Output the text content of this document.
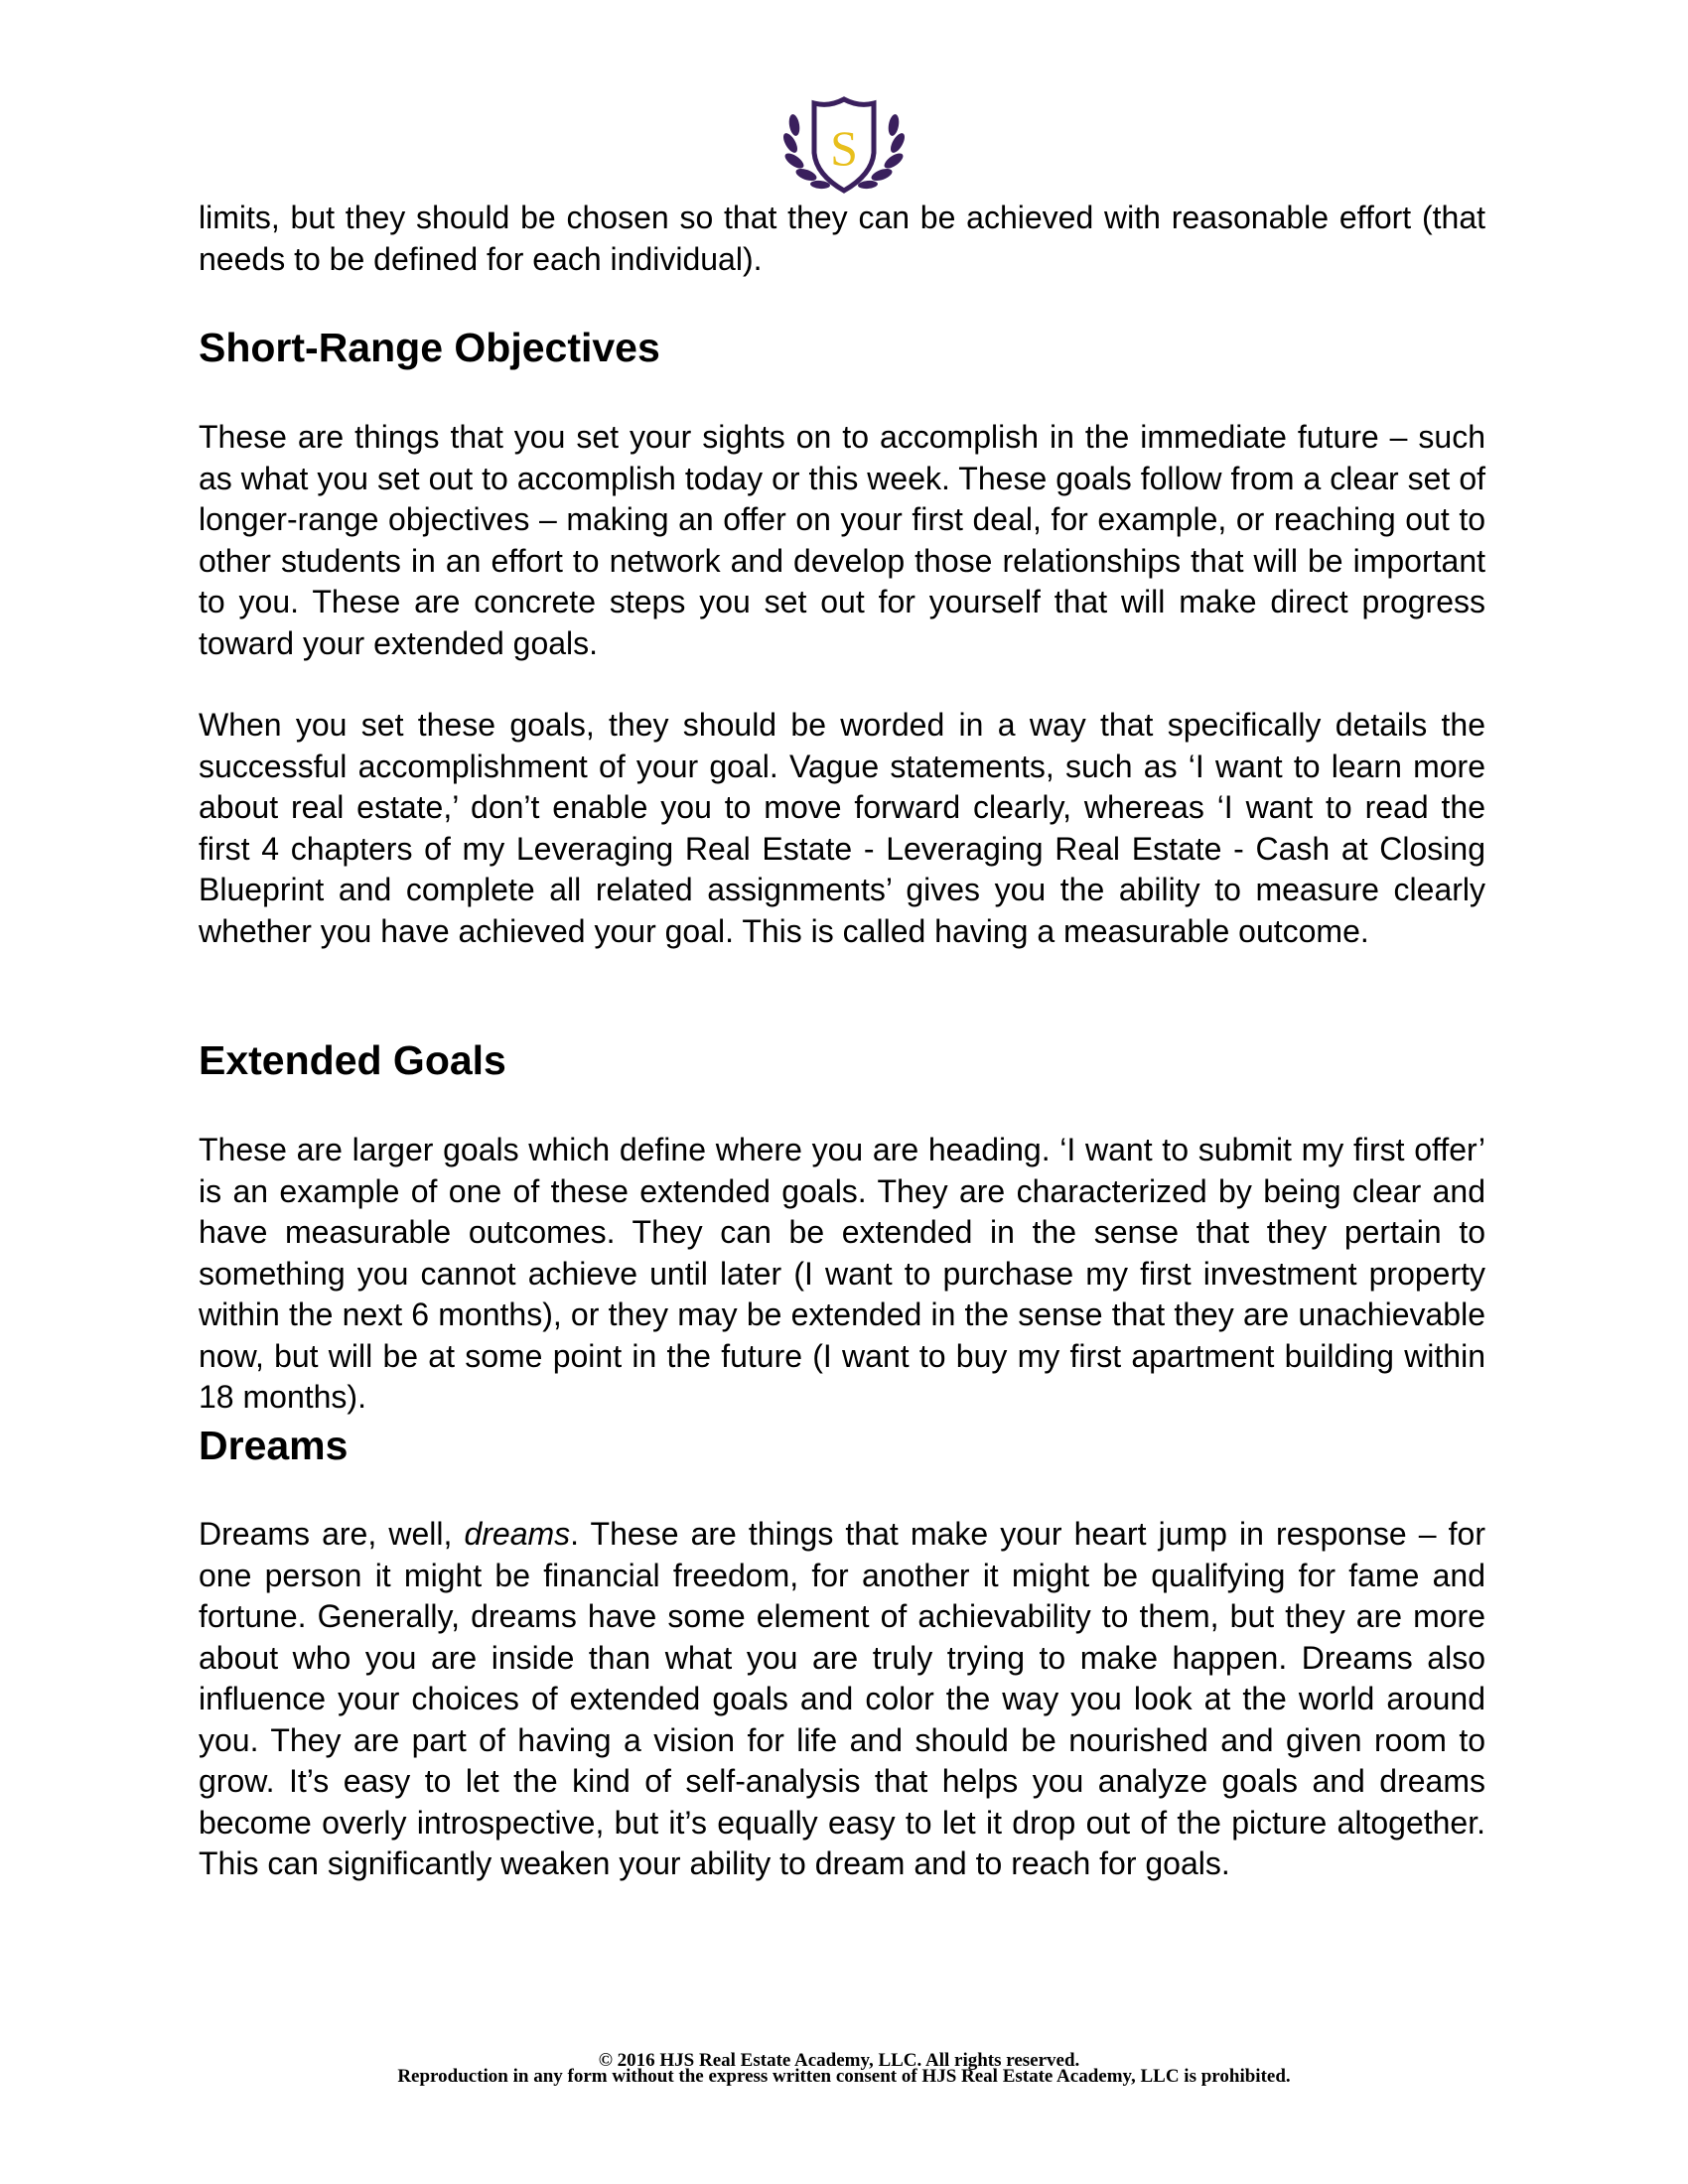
S

limits, but they should be chosen so that they can be achieved with reasonable effort (that needs to be defined for each individual).

Short-Range Objectives

These are things that you set your sights on to accomplish in the immediate future – such as what you set out to accomplish today or this week. These goals follow from a clear set of longer-range objectives – making an offer on your first deal, for example, or reaching out to other students in an effort to network and develop those relationships that will be important to you. These are concrete steps you set out for yourself that will make direct progress toward your extended goals.

When you set these goals, they should be worded in a way that specifically details the successful accomplishment of your goal. Vague statements, such as ‘I want to learn more about real estate,’ don’t enable you to move forward clearly, whereas ‘I want to read the first 4 chapters of my Leveraging Real Estate - Leveraging Real Estate - Cash at Closing Blueprint and complete all related assignments’ gives you the ability to measure clearly whether you have achieved your goal. This is called having a measurable outcome.

Extended Goals

These are larger goals which define where you are heading. ‘I want to submit my first offer’ is an example of one of these extended goals. They are characterized by being clear and have measurable outcomes. They can be extended in the sense that they pertain to something you cannot achieve until later (I want to purchase my first investment property within the next 6 months), or they may be extended in the sense that they are unachievable now, but will be at some point in the future (I want to buy my first apartment building within 18 months).

Dreams

Dreams are, well, dreams. These are things that make your heart jump in response – for one person it might be financial freedom, for another it might be qualifying for fame and fortune. Generally, dreams have some element of achievability to them, but they are more about who you are inside than what you are truly trying to make happen. Dreams also influence your choices of extended goals and color the way you look at the world around you. They are part of having a vision for life and should be nourished and given room to grow. It’s easy to let the kind of self-analysis that helps you analyze goals and dreams become overly introspective, but it’s equally easy to let it drop out of the picture altogether. This can significantly weaken your ability to dream and to reach for goals.

© 2016 HJS Real Estate Academy, LLC. All rights reserved.
Reproduction in any form without the express written consent of HJS Real Estate Academy, LLC is prohibited.
